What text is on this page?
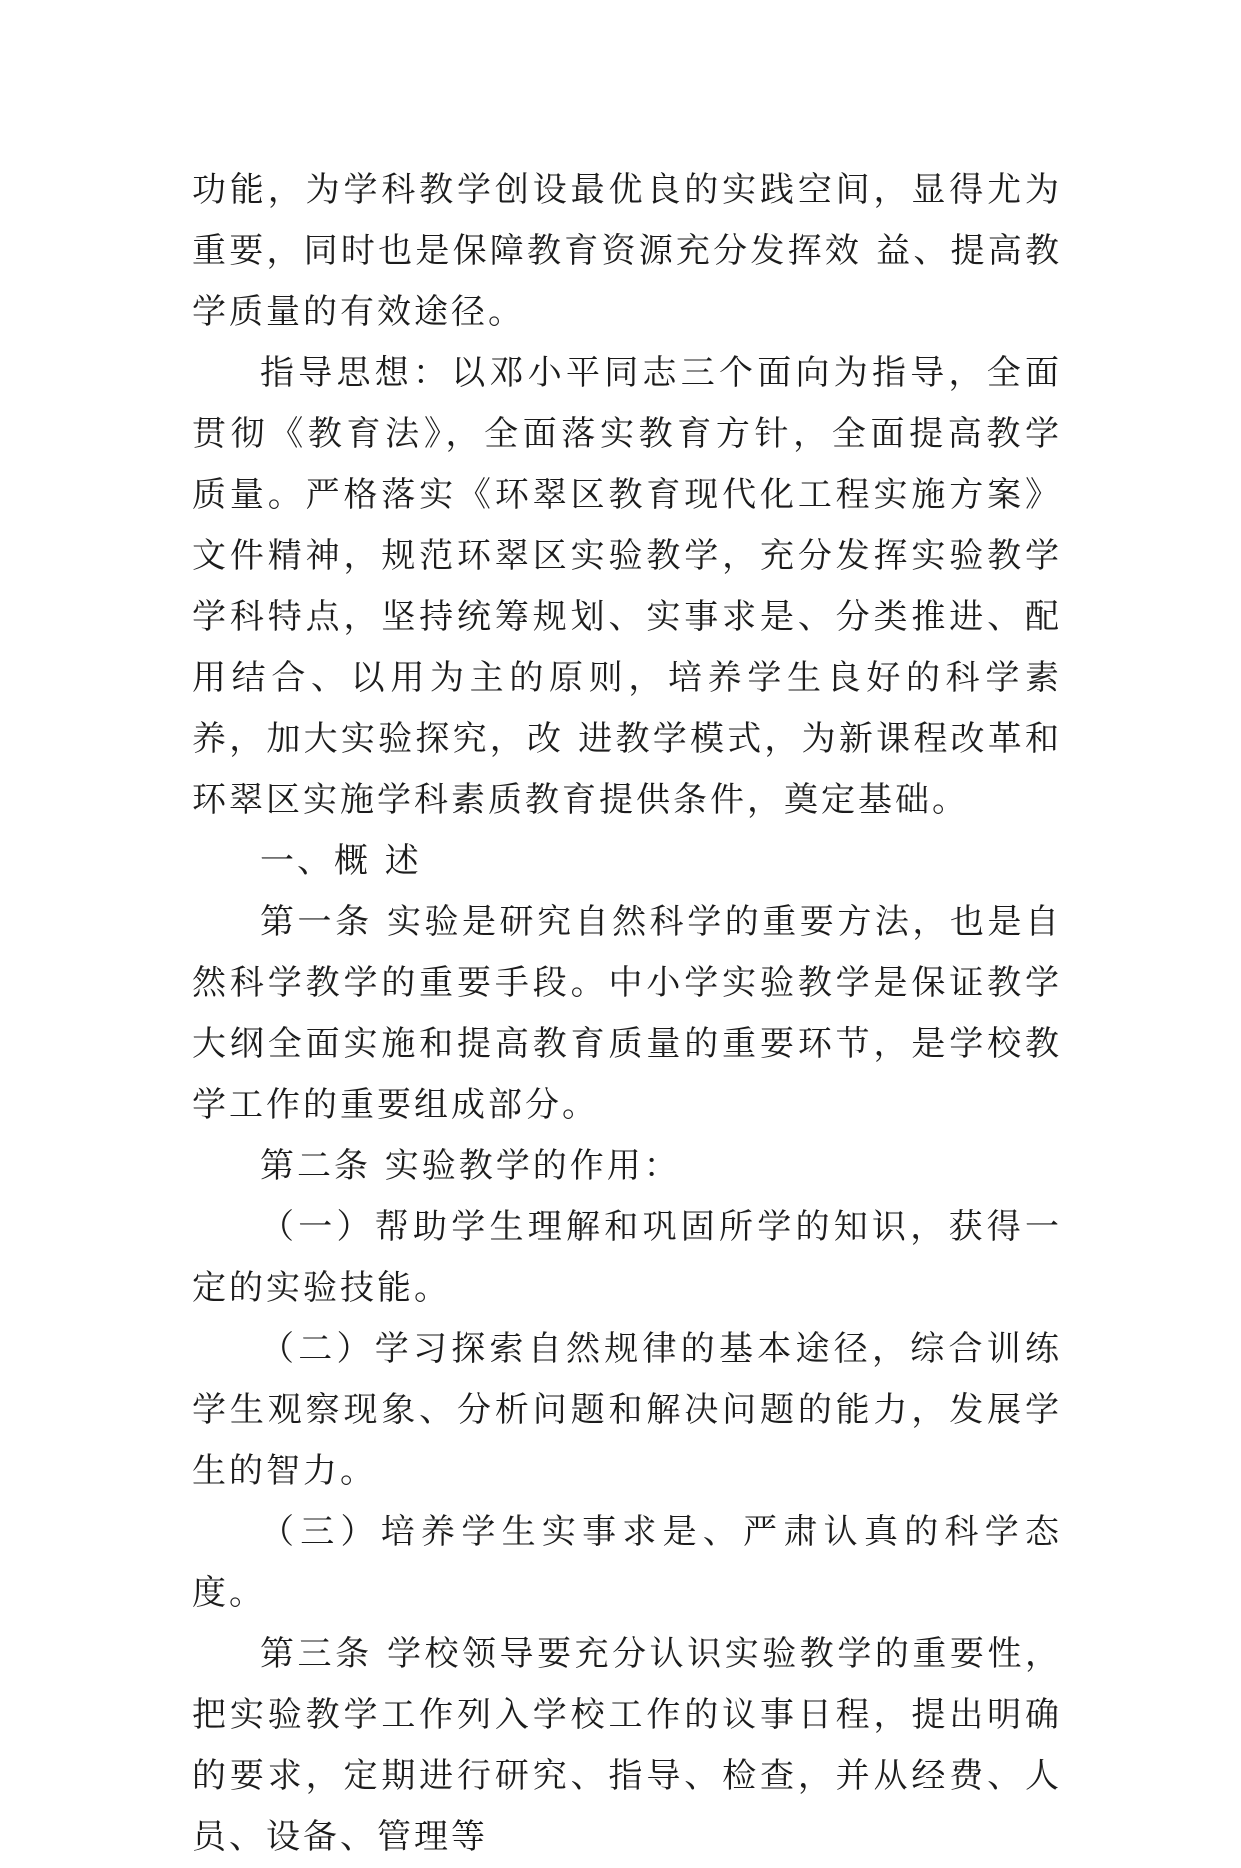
功能，为学科教学创设最优良的实践空间，显得尤为重要，同时也是保障教育资源充分发挥效 益、提高教学质量的有效途径。

指导思想：以邓小平同志三个面向为指导，全面贯彻《教育法》，全面落实教育方针，全面提高教学质量。严格落实《环翠区教育现代化工程实施方案》文件精神，规范环翠区实验教学，充分发挥实验教学学科特点，坚持统筹规划、实事求是、分类推进、配用结合、以用为主的原则，培养学生良好的科学素养，加大实验探究，改 进教学模式，为新课程改革和环翠区实施学科素质教育提供条件，奠定基础。

一、概 述

第一条 实验是研究自然科学的重要方法，也是自然科学教学的重要手段。中小学实验教学是保证教学大纲全面实施和提高教育质量的重要环节，是学校教学工作的重要组成部分。

第二条 实验教学的作用：

（一）帮助学生理解和巩固所学的知识，获得一定的实验技能。

（二）学习探索自然规律的基本途径，综合训练学生观察现象、分析问题和解决问题的能力，发展学生的智力。

（三）培养学生实事求是、严肃认真的科学态度。

第三条 学校领导要充分认识实验教学的重要性，把实验教学工作列入学校工作的议事日程，提出明确的要求，定期进行研究、指导、检查，并从经费、人员、设备、管理等
